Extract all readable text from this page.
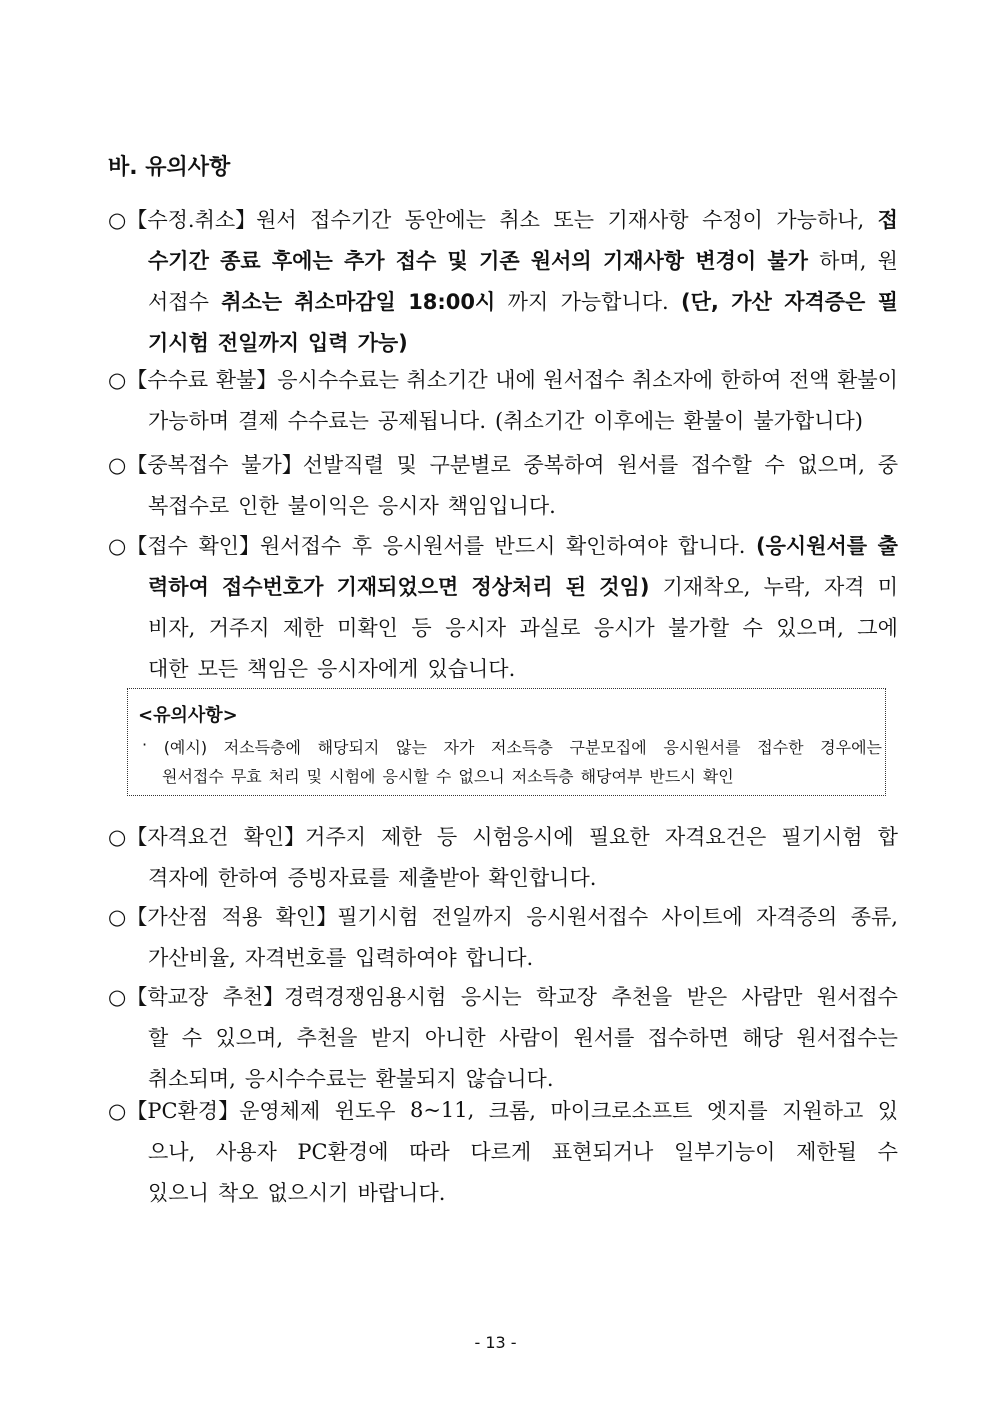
바. 유의사항
○【수정.취소】원서 접수기간 동안에는 취소 또는 기재사항 수정이 가능하나, 접
수기간 종료 후에는 추가 접수 및 기존 원서의 기재사항 변경이 불가 하며, 원
서접수 취소는 취소마감일 18:00시 까지 가능합니다. (단, 가산 자격증은 필
기시험 전일까지 입력 가능)
○【수수료 환불】응시수수료는 취소기간 내에 원서접수 취소자에 한하여 전액 환불이
가능하며 결제 수수료는 공제됩니다. (취소기간 이후에는 환불이 불가합니다)
○【중복접수 불가】선발직렬 및 구분별로 중복하여 원서를 접수할 수 없으며, 중
복접수로 인한 불이익은 응시자 책임입니다.
○【접수 확인】원서접수 후 응시원서를 반드시 확인하여야 합니다. (응시원서를 출
력하여 접수번호가 기재되었으면 정상처리 된 것임) 기재착오, 누락, 자격 미
비자, 거주지 제한 미확인 등 응시자 과실로 응시가 불가할 수 있으며, 그에
대한 모든 책임은 응시자에게 있습니다.
○【자격요건 확인】거주지 제한 등 시험응시에 필요한 자격요건은 필기시험 합
격자에 한하여 증빙자료를 제출받아 확인합니다.
○【가산점 적용 확인】필기시험 전일까지 응시원서접수 사이트에 자격증의 종류,
가산비율, 자격번호를 입력하여야 합니다.
○【학교장 추천】경력경쟁임용시험 응시는 학교장 추천을 받은 사람만 원서접수
할 수 있으며, 추천을 받지 아니한 사람이 원서를 접수하면 해당 원서접수는
취소되며, 응시수수료는 환불되지 않습니다.
○【PC환경】운영체제 윈도우 8~11, 크롬, 마이크로소프트 엣지를 지원하고 있
으나, 사용자 PC환경에 따라 다르게 표현되거나 일부기능이 제한될 수
있으니 착오 없으시기 바랍니다.
<유의사항>
· (예시) 저소득층에 해당되지 않는 자가 저소득층 구분모집에 응시원서를 접수한 경우에는
원서접수 무효 처리 및 시험에 응시할 수 없으니 저소득층 해당여부 반드시 확인
- 13 -
